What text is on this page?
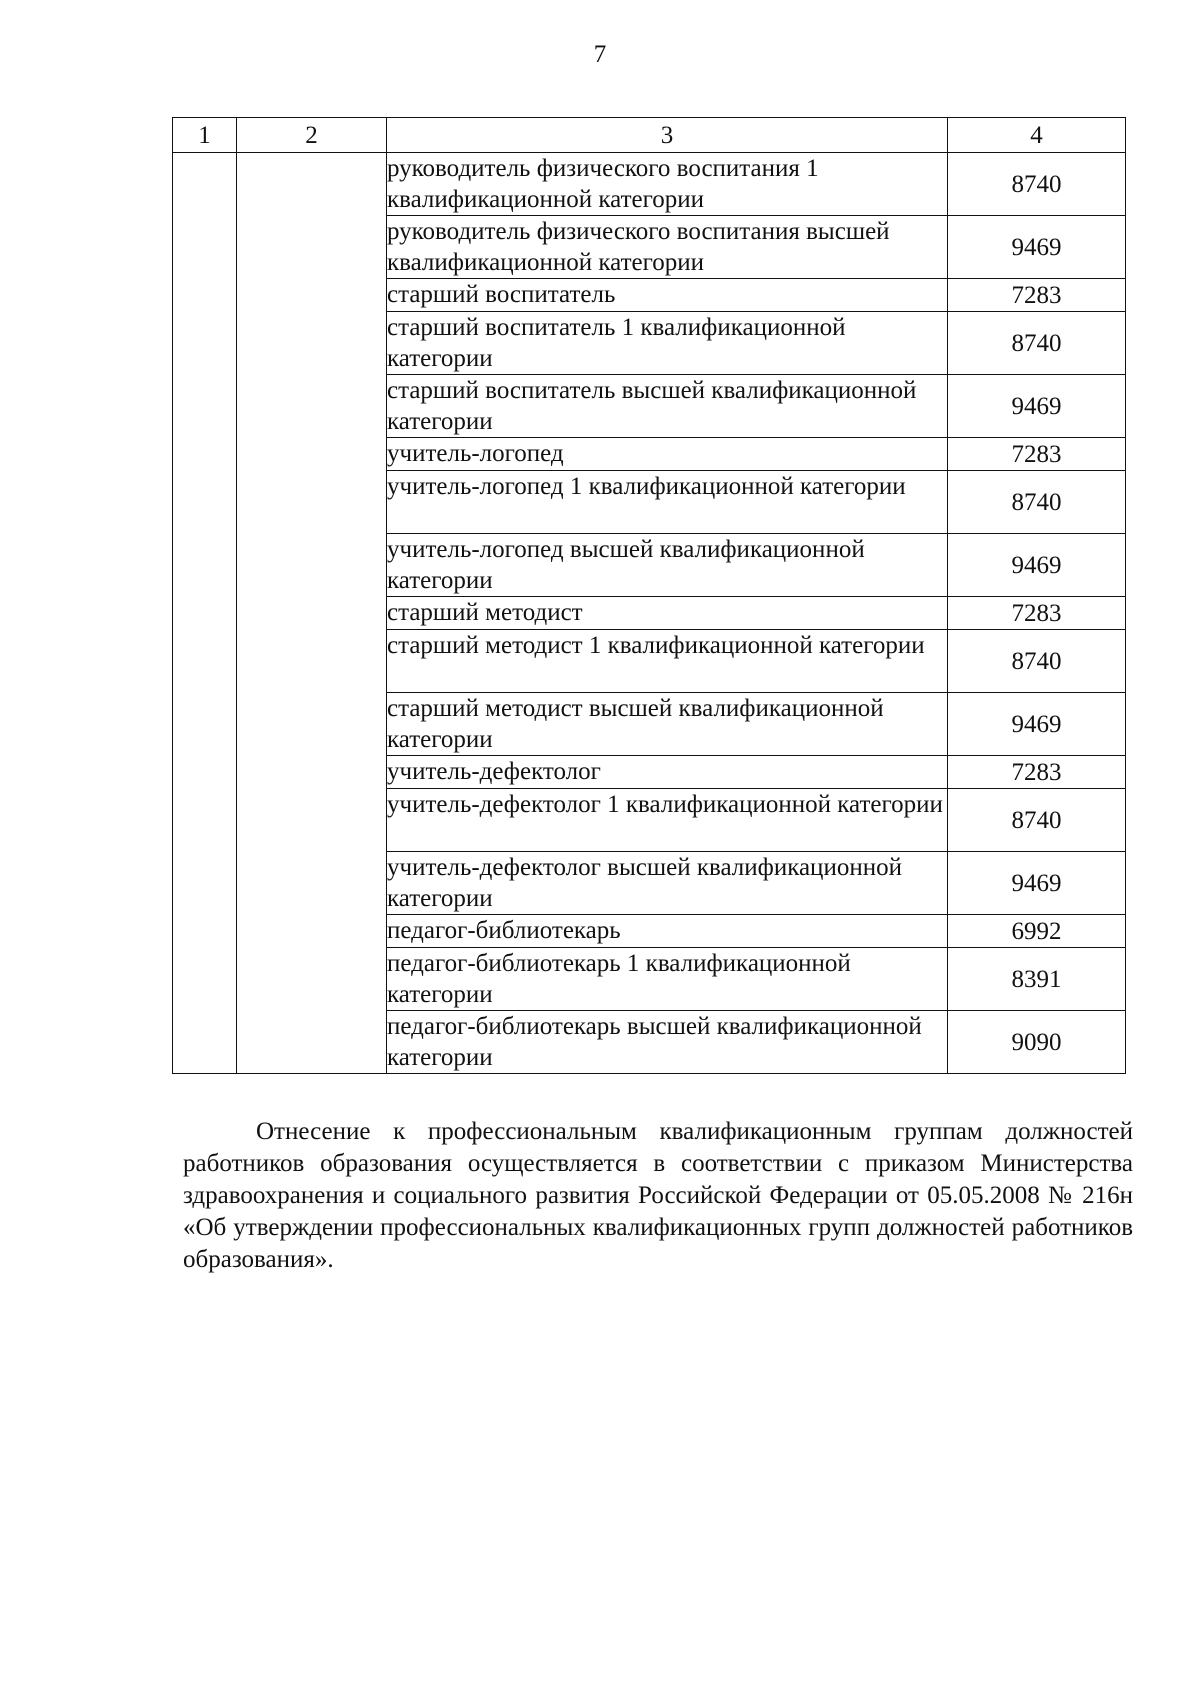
7
1	2	3	4
		руководитель физического воспитания 1 квалификационной категории	8740
		руководитель физического воспитания высшей квалификационной категории	9469
		старший воспитатель	7283
		старший воспитатель 1 квалификационной категории	8740
		старший воспитатель высшей квалификационной категории	9469
		учитель-логопед	7283
		учитель-логопед 1 квалификационной категории	8740
		учитель-логопед высшей квалификационной категории	9469
		старший методист	7283
		старший методист 1 квалификационной категории	8740
		старший методист высшей квалификационной категории	9469
		учитель-дефектолог	7283
		учитель-дефектолог 1 квалификационной категории	8740
		учитель-дефектолог высшей квалификационной категории	9469
		педагог-библиотекарь	6992
		педагог-библиотекарь 1 квалификационной категории	8391
		педагог-библиотекарь высшей квалификационной категории	9090
Отнесение к профессиональным квалификационным группам должностей работников образования осуществляется в соответствии с приказом Министерства здравоохранения и социального развития Российской Федерации от 05.05.2008 № 216н «Об утверждении профессиональных квалификационных групп должностей работников образования».
